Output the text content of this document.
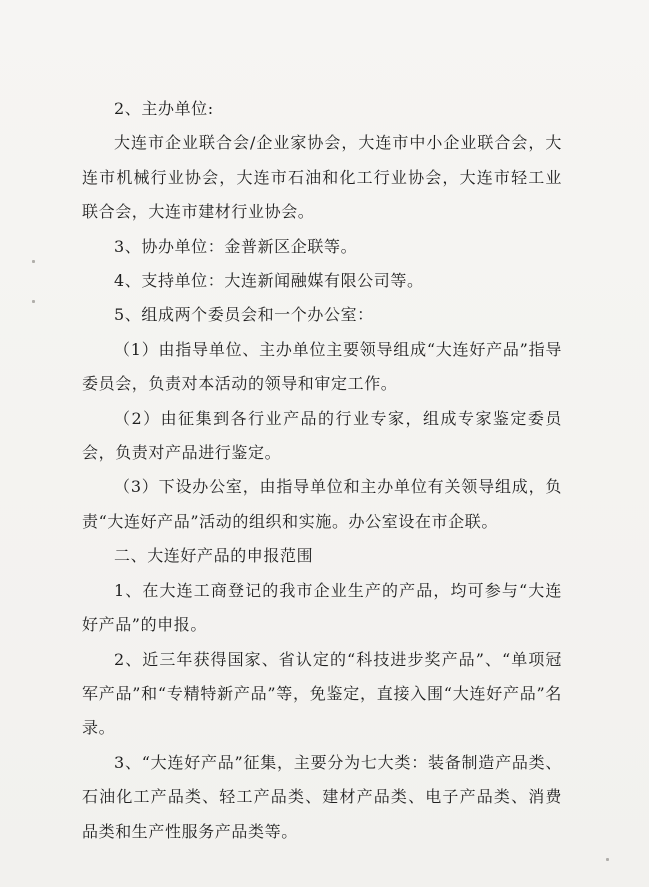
2、主办单位:

大连市企业联合会/企业家协会，大连市中小企业联合会，大连市机械行业协会，大连市石油和化工行业协会，大连市轻工业联合会，大连市建材行业协会。

3、协办单位：金普新区企联等。

4、支持单位：大连新闻融媒有限公司等。

5、组成两个委员会和一个办公室：

（1）由指导单位、主办单位主要领导组成“大连好产品”指导委员会，负责对本活动的领导和审定工作。

（2）由征集到各行业产品的行业专家，组成专家鉴定委员会，负责对产品进行鉴定。

（3）下设办公室，由指导单位和主办单位有关领导组成，负责“大连好产品”活动的组织和实施。办公室设在市企联。

二、大连好产品的申报范围

1、在大连工商登记的我市企业生产的产品，均可参与“大连好产品”的申报。

2、近三年获得国家、省认定的“科技进步奖产品”、“单项冠军产品”和“专精特新产品”等，免鉴定，直接入围“大连好产品”名录。

3、“大连好产品”征集，主要分为七大类：装备制造产品类、石油化工产品类、轻工产品类、建材产品类、电子产品类、消费品类和生产性服务产品类等。
